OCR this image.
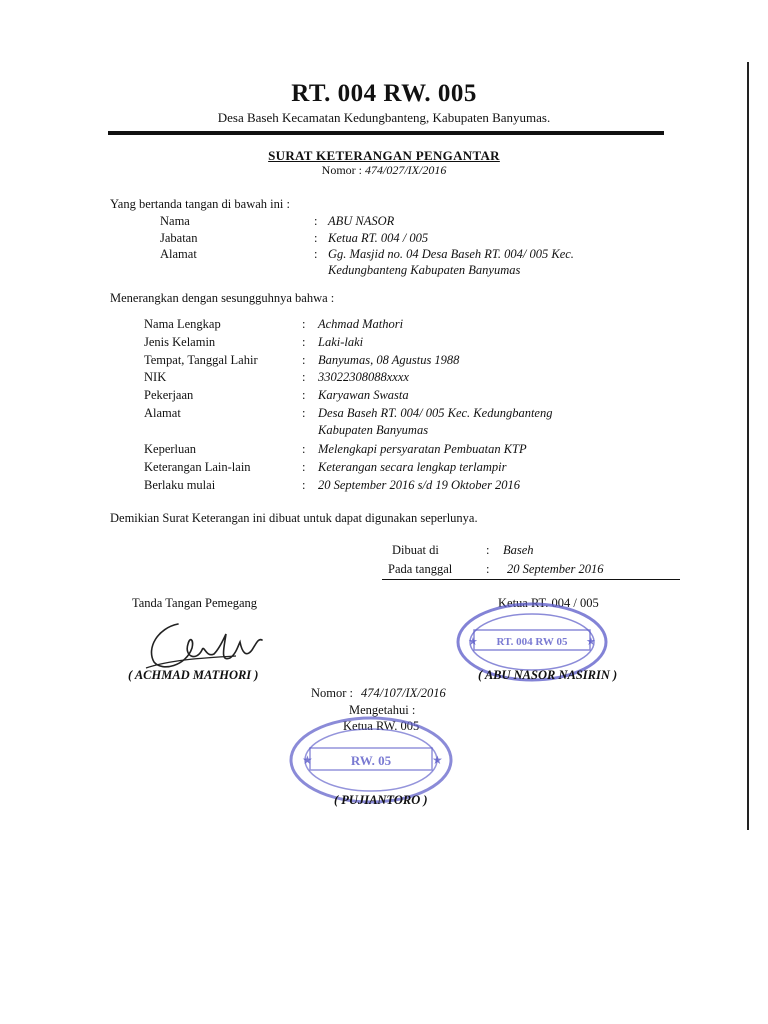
RT. 004 RW. 005
Desa Baseh Kecamatan Kedungbanteng, Kabupaten Banyumas.
SURAT KETERANGAN PENGANTAR
Nomor : 474/027/IX/2016
Yang bertanda tangan di bawah ini :
Nama	: ABU NASOR
Jabatan	: Ketua RT. 004 / 005
Alamat	: Gg. Masjid no. 04 Desa Baseh RT. 004/ 005 Kec.
Kedungbanteng Kabupaten Banyumas
Menerangkan dengan sesungguhnya bahwa :
Nama Lengkap	: Achmad Mathori
Jenis Kelamin	: Laki-laki
Tempat, Tanggal Lahir	: Banyumas, 08 Agustus 1988
NIK	: 33022308088xxxx
Pekerjaan	: Karyawan Swasta
Alamat	: Desa Baseh RT. 004/ 005 Kec. Kedungbanteng
Kabupaten Banyumas
Keperluan	: Melengkapi persyaratan Pembuatan KTP
Keterangan Lain-lain	: Keterangan secara lengkap terlampir
Berlaku mulai	: 20 September 2016 s/d 19 Oktober 2016
Demikian Surat Keterangan ini dibuat untuk dapat digunakan seperlunya.
Dibuat di	: Baseh
Pada tanggal	: 20 September 2016
Tanda Tangan Pemegang
( ACHMAD MATHORI )
Ketua RT. 004 / 005
RT. 004 RW 05
★	★
( ABU NASOR NASIRIN )
Nomor : 474/107/IX/2016
Mengetahui :
Ketua RW. 005
RW. 05
★	★
( PUJIANTORO )
